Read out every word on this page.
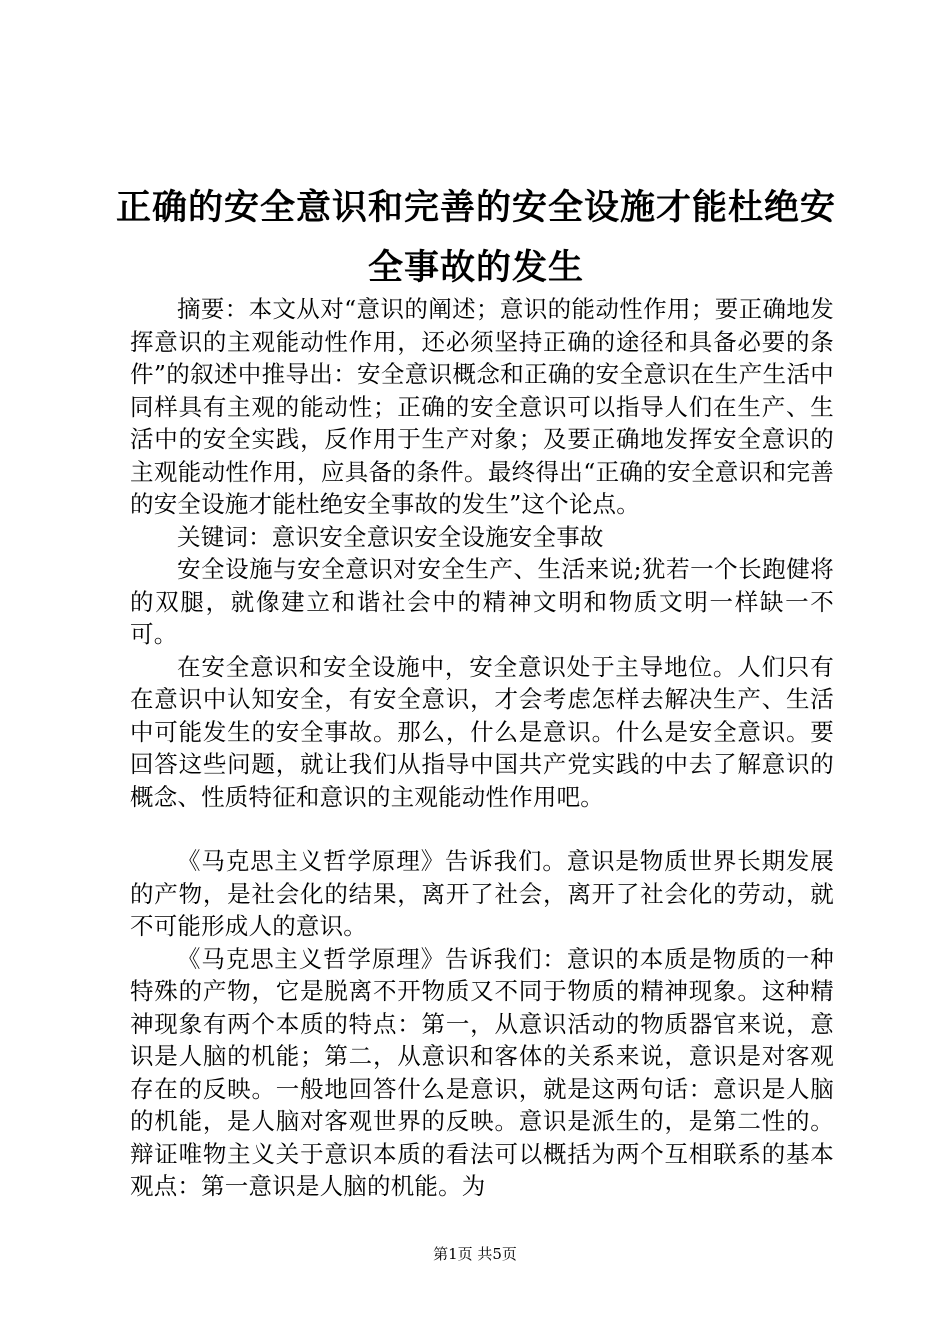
正确的安全意识和完善的安全设施才能杜绝安全事故的发生

摘要：本文从对“意识的阐述；意识的能动性作用；要正确地发挥意识的主观能动性作用，还必须坚持正确的途径和具备必要的条件”的叙述中推导出：安全意识概念和正确的安全意识在生产生活中同样具有主观的能动性；正确的安全意识可以指导人们在生产、生活中的安全实践，反作用于生产对象；及要正确地发挥安全意识的主观能动性作用，应具备的条件。最终得出“正确的安全意识和完善的安全设施才能杜绝安全事故的发生”这个论点。

关键词：意识安全意识安全设施安全事故

安全设施与安全意识对安全生产、生活来说;犹若一个长跑健将的双腿，就像建立和谐社会中的精神文明和物质文明一样缺一不可。

在安全意识和安全设施中，安全意识处于主导地位。人们只有在意识中认知安全，有安全意识，才会考虑怎样去解决生产、生活中可能发生的安全事故。那么，什么是意识。什么是安全意识。要回答这些问题，就让我们从指导中国共产党实践的中去了解意识的概念、性质特征和意识的主观能动性作用吧。

《马克思主义哲学原理》告诉我们。意识是物质世界长期发展的产物，是社会化的结果，离开了社会，离开了社会化的劳动，就不可能形成人的意识。

《马克思主义哲学原理》告诉我们：意识的本质是物质的一种特殊的产物，它是脱离不开物质又不同于物质的精神现象。这种精神现象有两个本质的特点：第一，从意识活动的物质器官来说，意识是人脑的机能；第二，从意识和客体的关系来说，意识是对客观存在的反映。一般地回答什么是意识，就是这两句话：意识是人脑的机能，是人脑对客观世界的反映。意识是派生的，是第二性的。辩证唯物主义关于意识本质的看法可以概括为两个互相联系的基本观点：第一意识是人脑的机能。为

第1页 共5页
